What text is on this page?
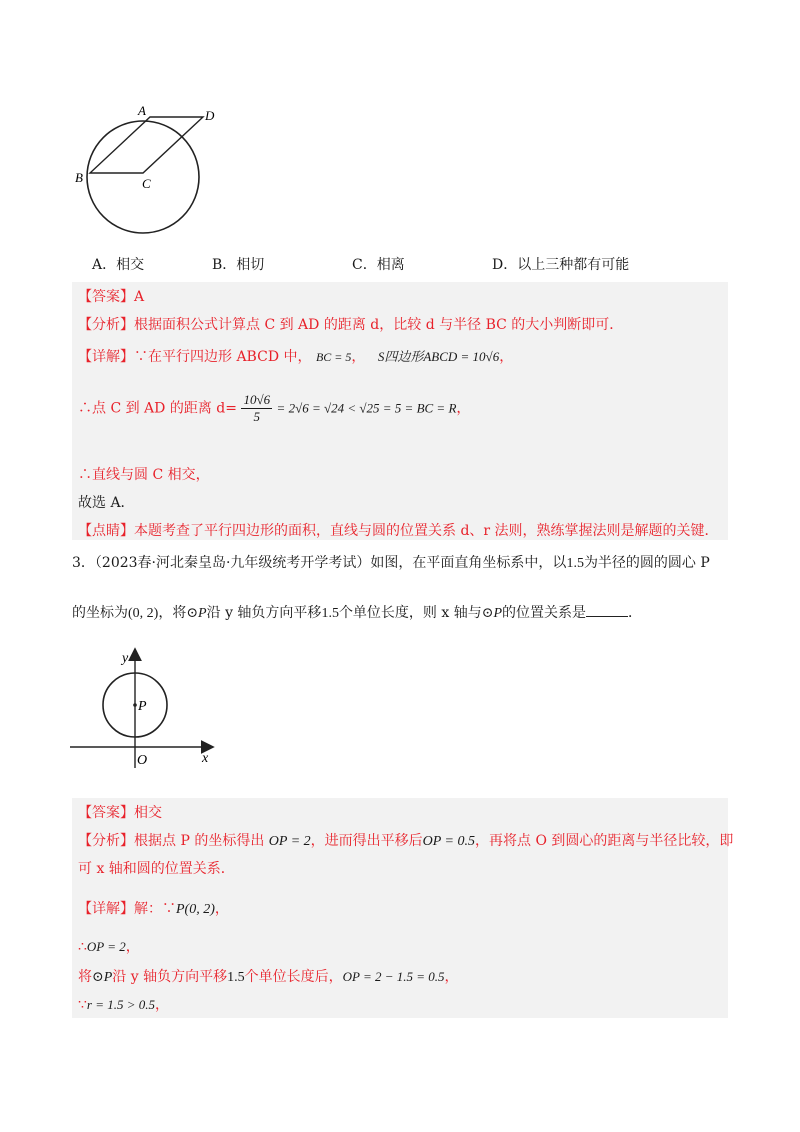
A	D
B	C
A．相交	B．相切	C．相离	D．以上三种都有可能
【答案】A
【分析】根据面积公式计算点 C 到 AD 的距离 d，比较 d 与半径 BC 的大小判断即可．
【详解】∵在平行四边形 ABCD 中， BC = 5， S四边形ABCD = 10√6，
∴点 C 到 AD 的距离 $d= \frac{10√6}{5} = 2√6 = √24 < √25 = 5$ = BC = R，
∴直线与圆 C 相交，
故选 A．
【点睛】本题考查了平行四边形的面积，直线与圆的位置关系 d、r 法则，熟练掌握法则是解题的关键．
3．（2023春·河北秦皇岛·九年级统考开学考试）如图，在平面直角坐标系中，以1.5为半径的圆的圆心 P
的坐标为(0, 2)，将⊙P沿 y 轴负方向平移1.5个单位长度，则 x 轴与⊙P的位置关系是	．
y
x
P
O
【答案】相交
【分析】根据点 P 的坐标得出 OP = 2，进而得出平移后OP = 0.5，再将点 O 到圆心的距离与半径比较，即
可 x 轴和圆的位置关系．
【详解】解：∵P(0, 2)，
∴OP = 2，
将⊙P沿 y 轴负方向平移1.5个单位长度后，OP = 2 − 1.5 = 0.5，
∵r = 1.5 > 0.5，
